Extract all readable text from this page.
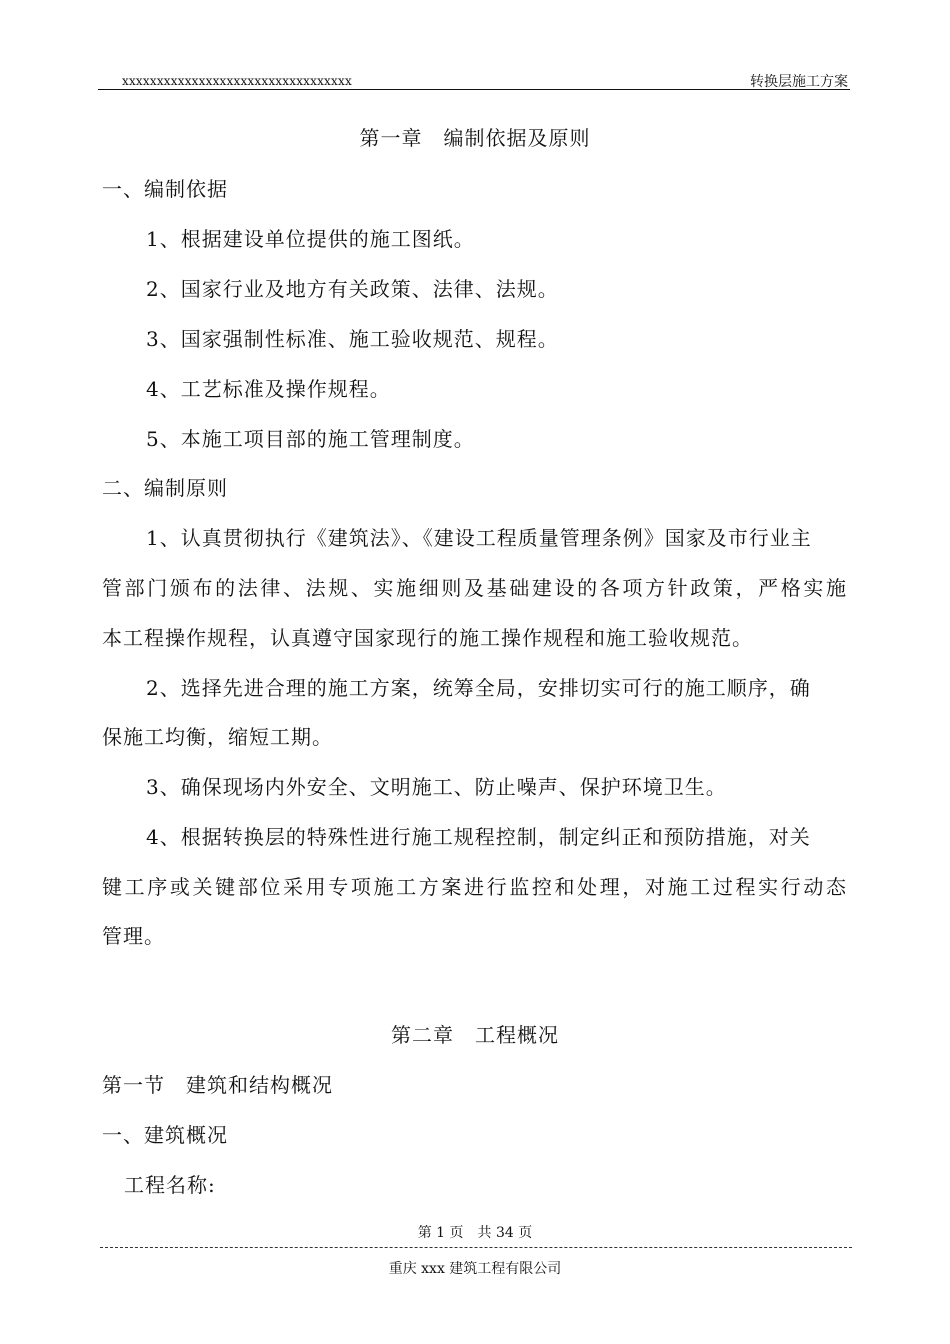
xxxxxxxxxxxxxxxxxxxxxxxxxxxxxxxxx	转换层施工方案
第一章　编制依据及原则
一、编制依据
1、根据建设单位提供的施工图纸。
2、国家行业及地方有关政策、法律、法规。
3、国家强制性标准、施工验收规范、规程。
4、工艺标准及操作规程。
5、本施工项目部的施工管理制度。
二、编制原则
1、认真贯彻执行《建筑法》、《建设工程质量管理条例》国家及市行业主
管部门颁布的法律、法规、实施细则及基础建设的各项方针政策，严格实施
本工程操作规程，认真遵守国家现行的施工操作规程和施工验收规范。
2、选择先进合理的施工方案，统筹全局，安排切实可行的施工顺序，确
保施工均衡，缩短工期。
3、确保现场内外安全、文明施工、防止噪声、保护环境卫生。
4、根据转换层的特殊性进行施工规程控制，制定纠正和预防措施，对关
键工序或关键部位采用专项施工方案进行监控和处理，对施工过程实行动态
管理。
第二章　工程概况
第一节　建筑和结构概况
一、建筑概况
工程名称:
第 1 页　共 34 页
重庆 xxx 建筑工程有限公司
